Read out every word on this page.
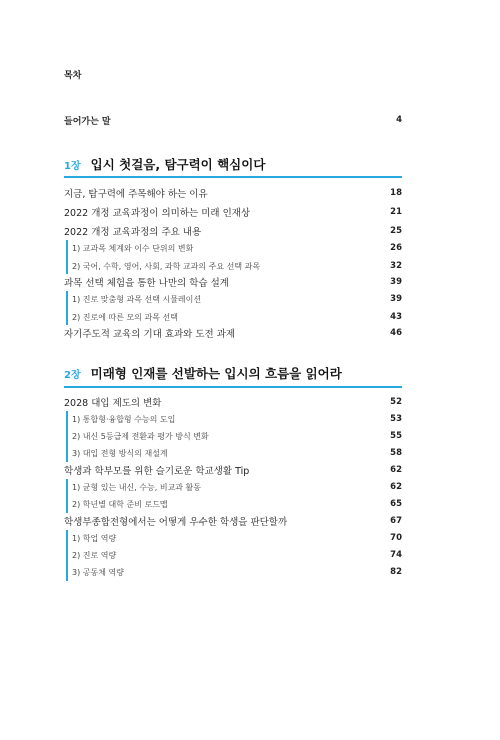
목차
들어가는 말	4
1장 입시 첫걸음, 탐구력이 핵심이다
지금, 탐구력에 주목해야 하는 이유	18
2022 개정 교육과정이 의미하는 미래 인재상	21
2022 개정 교육과정의 주요 내용	25
1) 교과목 체계와 이수 단위의 변화	26
2) 국어, 수학, 영어, 사회, 과학 교과의 주요 선택 과목	32
과목 선택 체험을 통한 나만의 학습 설계	39
1) 진로 맞춤형 과목 선택 시뮬레이션	39
2) 진로에 따른 모의 과목 선택	43
자기주도적 교육의 기대 효과와 도전 과제	46
2장 미래형 인재를 선발하는 입시의 흐름을 읽어라
2028 대입 제도의 변화	52
1) 통합형·융합형 수능의 도입	53
2) 내신 5등급제 전환과 평가 방식 변화	55
3) 대입 전형 방식의 재설계	58
학생과 학부모를 위한 슬기로운 학교생활 Tip	62
1) 균형 있는 내신, 수능, 비교과 활동	62
2) 학년별 대학 준비 로드맵	65
학생부종합전형에서는 어떻게 우수한 학생을 판단할까	67
1) 학업 역량	70
2) 진로 역량	74
3) 공동체 역량	82
